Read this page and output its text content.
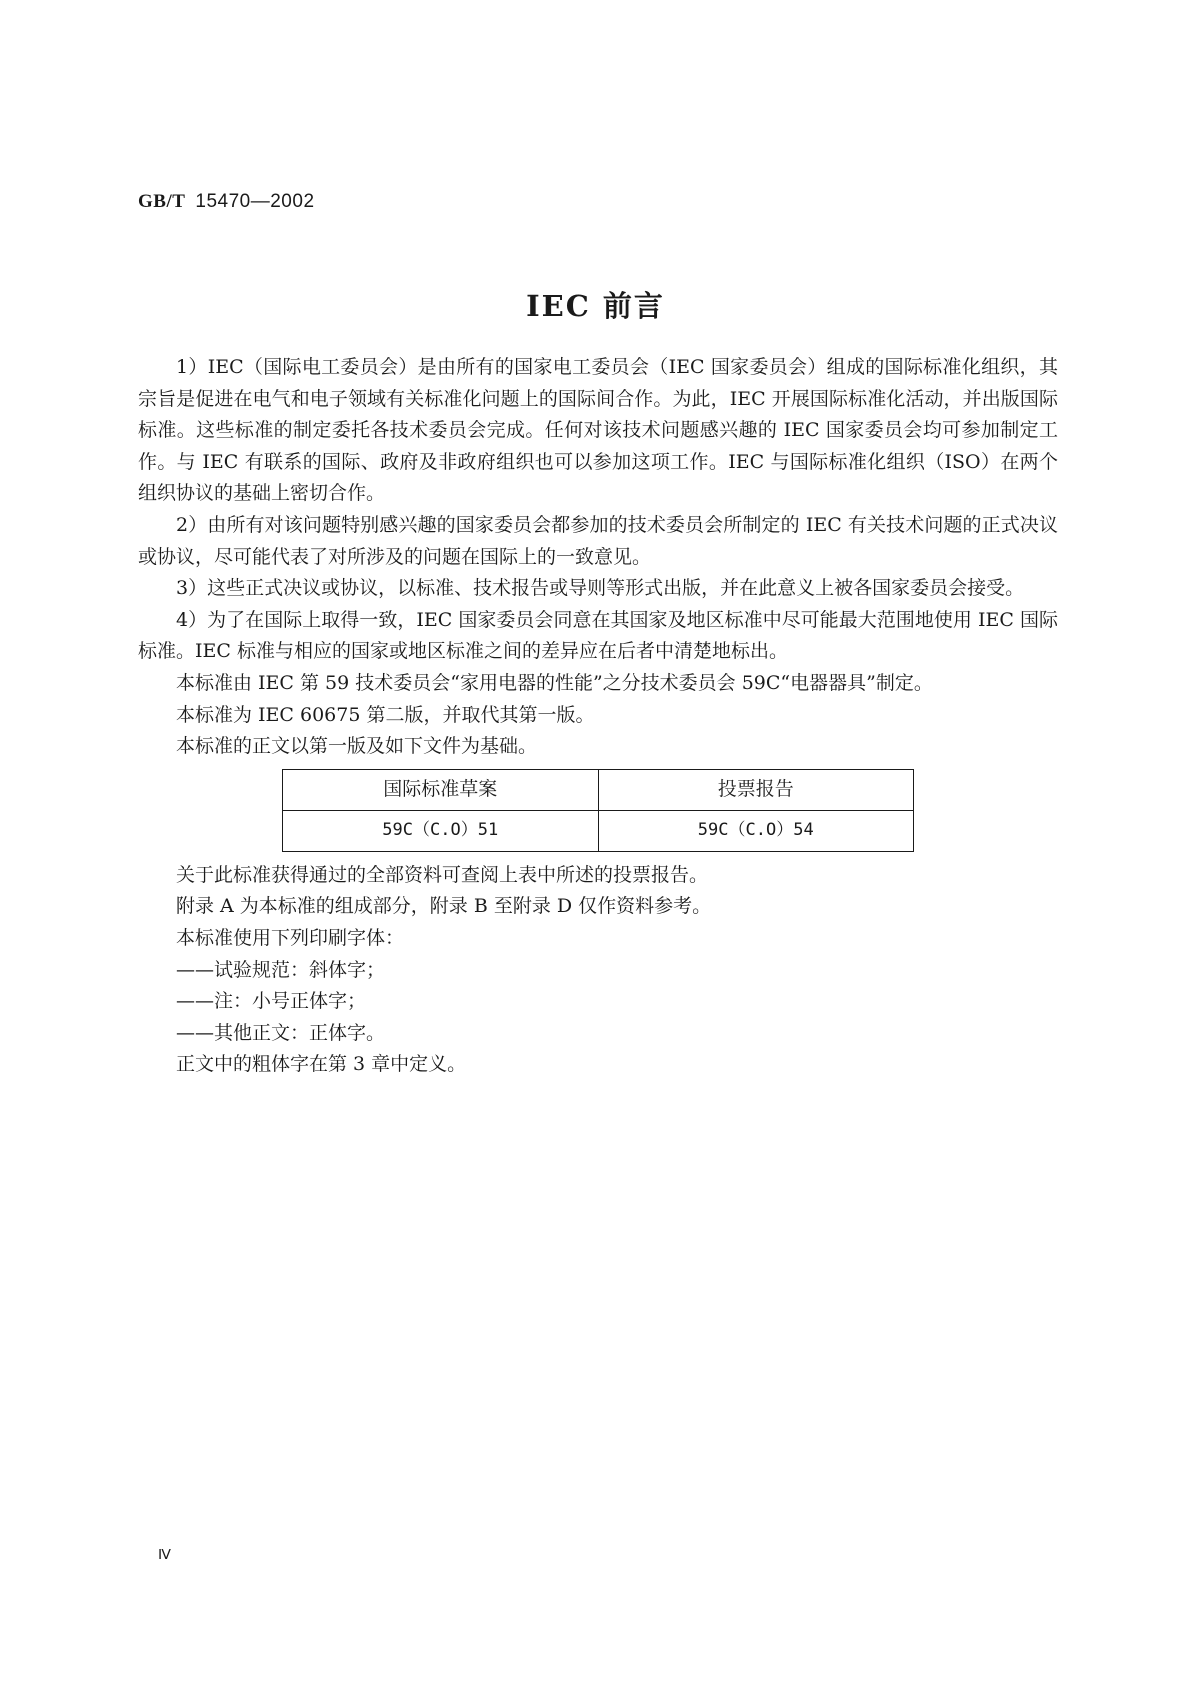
GB/T 15470—2002
IEC 前言

1）IEC（国际电工委员会）是由所有的国家电工委员会（IEC 国家委员会）组成的国际标准化组织，其宗旨是促进在电气和电子领域有关标准化问题上的国际间合作。为此，IEC 开展国际标准化活动，并出版国际标准。这些标准的制定委托各技术委员会完成。任何对该技术问题感兴趣的 IEC 国家委员会均可参加制定工作。与 IEC 有联系的国际、政府及非政府组织也可以参加这项工作。IEC 与国际标准化组织（ISO）在两个组织协议的基础上密切合作。

2）由所有对该问题特别感兴趣的国家委员会都参加的技术委员会所制定的 IEC 有关技术问题的正式决议或协议，尽可能代表了对所涉及的问题在国际上的一致意见。

3）这些正式决议或协议，以标准、技术报告或导则等形式出版，并在此意义上被各国家委员会接受。

4）为了在国际上取得一致，IEC 国家委员会同意在其国家及地区标准中尽可能最大范围地使用 IEC 国际标准。IEC 标准与相应的国家或地区标准之间的差异应在后者中清楚地标出。

本标准由 IEC 第 59 技术委员会“家用电器的性能”之分技术委员会 59C“电器器具”制定。

本标准为 IEC 60675 第二版，并取代其第一版。

本标准的正文以第一版及如下文件为基础。

国际标准草案	投票报告
59C（C.O）51	59C（C.O）54

关于此标准获得通过的全部资料可查阅上表中所述的投票报告。

附录 A 为本标准的组成部分，附录 B 至附录 D 仅作资料参考。

本标准使用下列印刷字体：

——试验规范：斜体字；

——注：小号正体字；

——其他正文：正体字。

正文中的粗体字在第 3 章中定义。

Ⅳ
